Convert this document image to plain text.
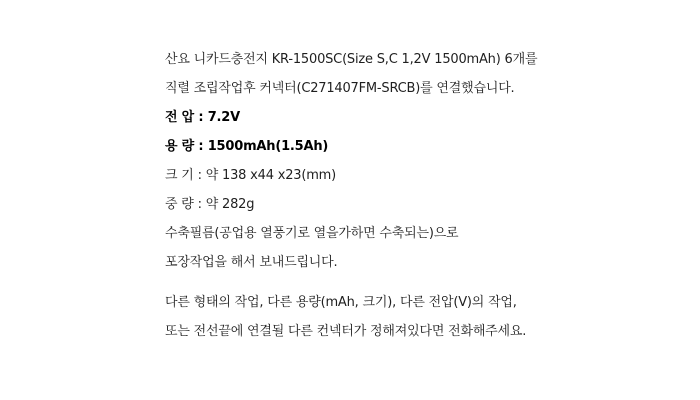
산요 니카드충전지 KR-1500SC(Size S,C 1,2V 1500mAh) 6개를
직렬 조립작업후 커넥터(C271407FM-SRCB)를 연결했습니다.
전 압 : 7.2V
용 량 : 1500mAh(1.5Ah)
크 기 : 약 138 x44 x23(mm)
중 량 : 약 282g
수축필름(공업용 열풍기로 열을가하면 수축되는)으로
포장작업을 해서 보내드립니다.
다른 형태의 작업, 다른 용량(mAh, 크기), 다른 전압(V)의 작업,
또는 전선끝에 연결될 다른 컨넥터가 정해져있다면 전화해주세요.
